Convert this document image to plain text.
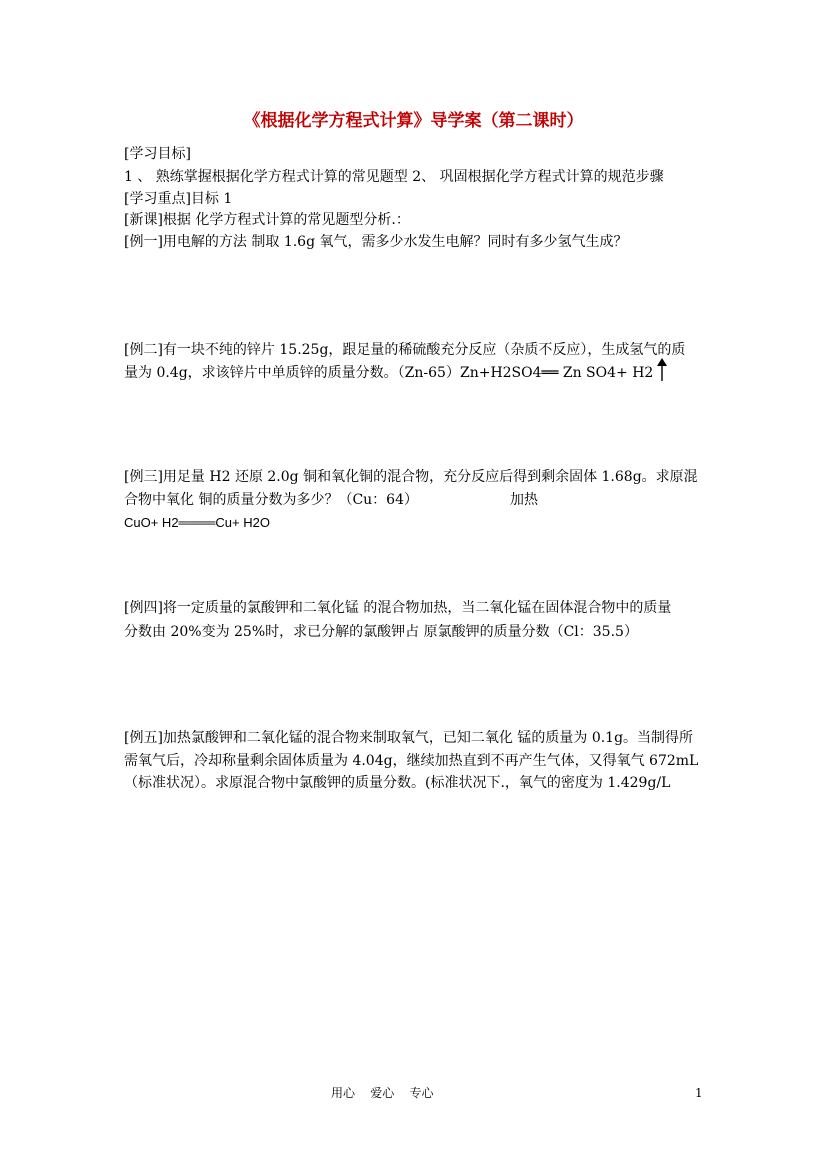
《根据化学方程式计算》导学案（第二课时）
[学习目标]
1 、 熟练掌握根据化学方程式计算的常见题型 2、 巩固根据化学方程式计算的规范步骤
[学习重点]目标 1
[新课]根据 化学方程式计算的常见题型分析.：
[例一]用电解的方法 制取 1.6g 氧气，需多少水发生电解？同时有多少氢气生成？
[例二]有一块不纯的锌片 15.25g，跟足量的稀硫酸充分反应（杂质不反应），生成氢气的质
量为 0.4g，求该锌片中单质锌的质量分数。（Zn-65）Zn+H2SO4══ Zn SO4+ H2
[例三]用足量 H2 还原 2.0g 铜和氧化铜的混合物，充分反应后得到剩余固体 1.68g。求原混
合物中氧化 铜的质量分数为多少？（Cu：64）	加热
CuO+ H2════Cu+ H2O
[例四]将一定质量的氯酸钾和二氧化锰 的混合物加热，当二氧化锰在固体混合物中的质量
分数由 20%变为 25%时，求已分解的氯酸钾占 原氯酸钾的质量分数（Cl：35.5）
[例五]加热氯酸钾和二氧化锰的混合物来制取氧气，已知二氧化 锰的质量为 0.1g。当制得所
需氧气后，冷却称量剩余固体质量为 4.04g，继续加热直到不再产生气体，又得氧气 672mL
（标准状况）。求原混合物中氯酸钾的质量分数。(标准状况下.，氧气的密度为 1.429g/L
用心    爱心    专心	1
